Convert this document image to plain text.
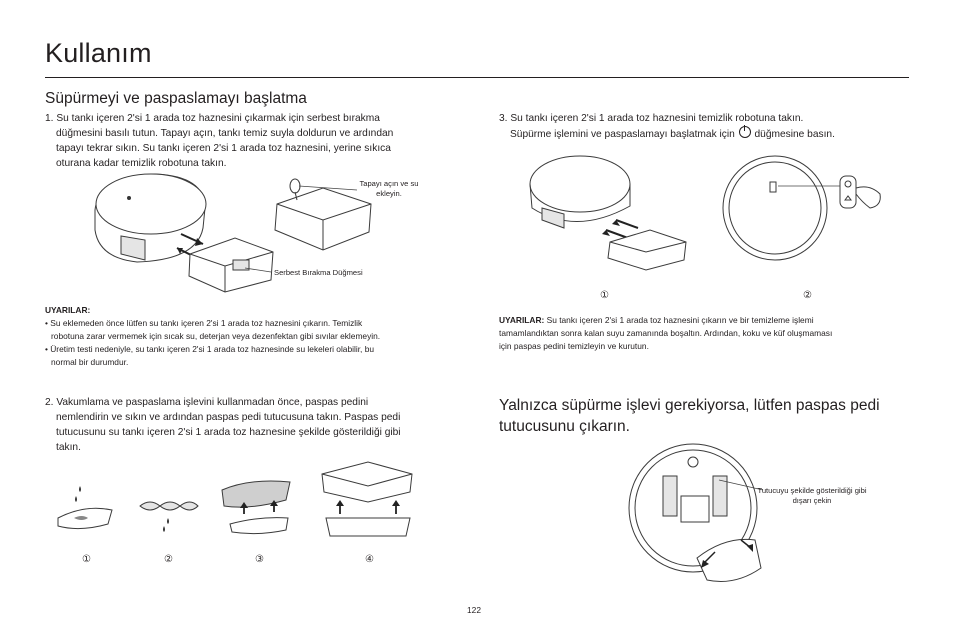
Kullanım
Süpürmeyi ve paspaslamayı başlatma
1. Su tankı içeren 2'si 1 arada toz haznesini çıkarmak için serbest bırakma
düğmesini basılı tutun. Tapayı açın, tankı temiz suyla doldurun ve ardından
tapayı tekrar sıkın. Su tankı içeren 2'si 1 arada toz haznesini, yerine sıkıca
oturana kadar temizlik robotuna takın.
Tapayı açın ve su ekleyin.
Serbest Bırakma Düğmesi
UYARILAR:
• Su eklemeden önce lütfen su tankı içeren 2'si 1 arada toz haznesini çıkarın. Temizlik
robotuna zarar vermemek için sıcak su, deterjan veya dezenfektan gibi sıvılar eklemeyin.
• Üretim testi nedeniyle, su tankı içeren 2'si 1 arada toz haznesinde su lekeleri olabilir, bu
normal bir durumdur.
2. Vakumlama ve paspaslama işlevini kullanmadan önce, paspas pedini
nemlendirin ve sıkın ve ardından paspas pedi tutucusuna takın. Paspas pedi
tutucusunu su tankı içeren 2'si 1 arada toz haznesine şekilde gösterildiği gibi
takın.
①	②	③	④
3. Su tankı içeren 2'si 1 arada toz haznesini temizlik robotuna takın.
Süpürme işlemini ve paspaslamayı başlatmak için düğmesine basın.
①	②
UYARILAR: Su tankı içeren 2'si 1 arada toz haznesini çıkarın ve bir temizleme işlemi
tamamlandıktan sonra kalan suyu zamanında boşaltın. Ardından, koku ve küf oluşmaması
için paspas pedini temizleyin ve kurutun.
Yalnızca süpürme işlevi gerekiyorsa, lütfen paspas pedi
tutucusunu çıkarın.
Tutucuyu şekilde gösterildiği gibi dışarı çekin
122
